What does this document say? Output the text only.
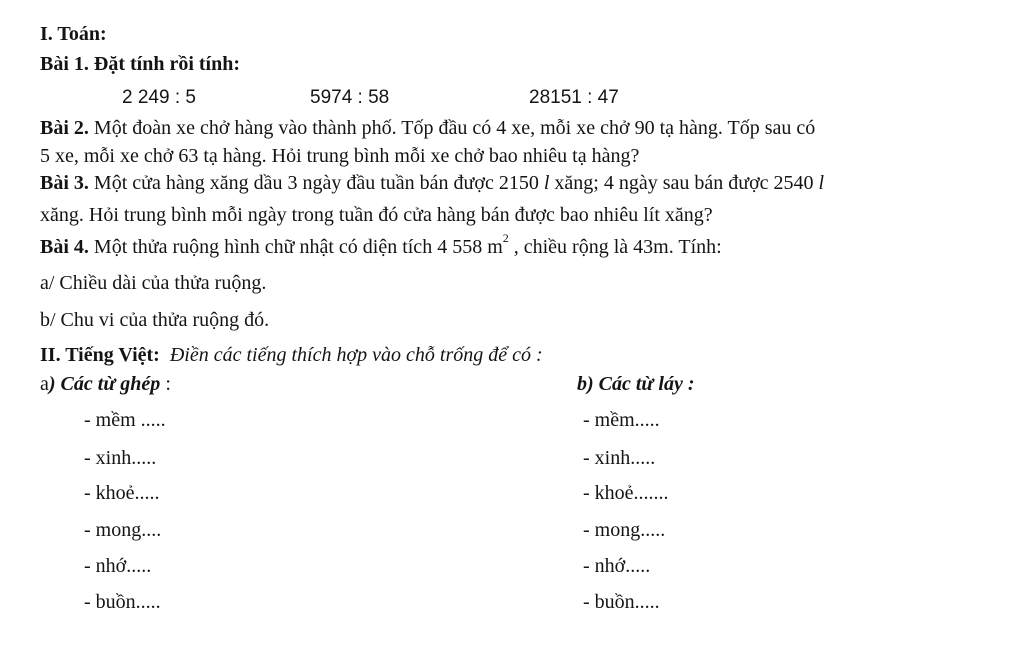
I. Toán:
Bài 1. Đặt tính rồi tính:
2 249 : 5	5974 : 58	28151 : 47
Bài 2. Một đoàn xe chở hàng vào thành phố. Tốp đầu có 4 xe, mỗi xe chở 90 tạ hàng. Tốp sau có
5 xe, mỗi xe chở 63 tạ hàng. Hỏi trung bình mỗi xe chở bao nhiêu tạ hàng?
Bài 3. Một cửa hàng xăng dầu 3 ngày đầu tuần bán được 2150 l xăng; 4 ngày sau bán được 2540 l
xăng. Hỏi trung bình mỗi ngày trong tuần đó cửa hàng bán được bao nhiêu lít xăng?
Bài 4. Một thửa ruộng hình chữ nhật có diện tích 4 558 $m^2$ , chiều rộng là 43m. Tính:
a/ Chiều dài của thửa ruộng.
b/ Chu vi của thửa ruộng đó.
II. Tiếng Việt: Điền các tiếng thích hợp vào chỗ trống để có :
a) Các từ ghép :	b) Các từ láy :
- mềm .....
- xinh.....
- khoẻ.....
- mong....
- nhớ.....
- buồn.....
- mềm.....
- xinh.....
- khoẻ.......
- mong.....
- nhớ.....
- buồn.....
